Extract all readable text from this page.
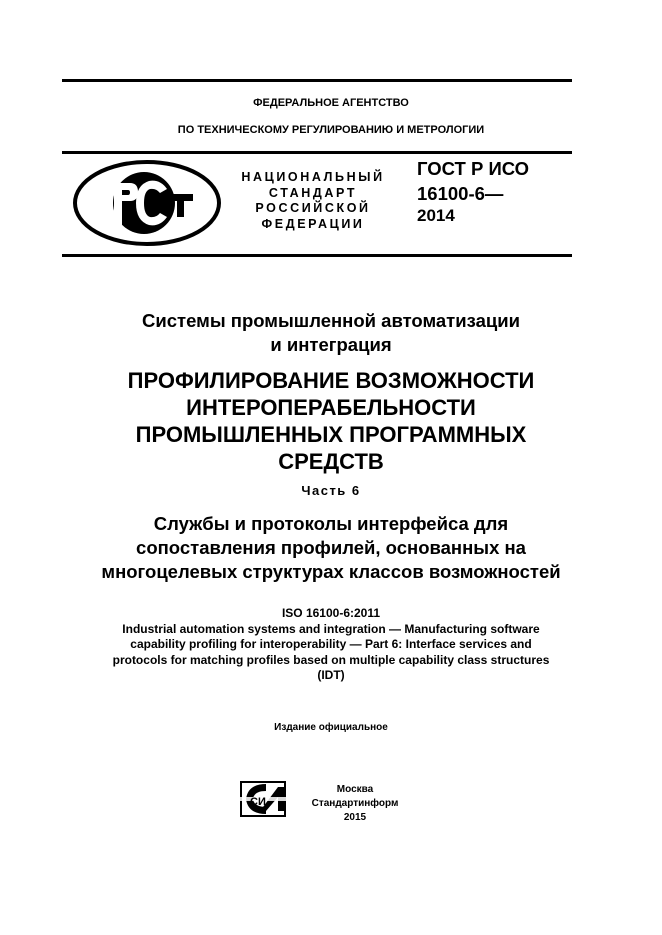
ФЕДЕРАЛЬНОЕ АГЕНТСТВО
ПО ТЕХНИЧЕСКОМУ РЕГУЛИРОВАНИЮ И МЕТРОЛОГИИ
НАЦИОНАЛЬНЫЙ
СТАНДАРТ
РОССИЙСКОЙ
ФЕДЕРАЦИИ
ГОСТ Р ИСО
16100-6—
2014
Системы промышленной автоматизации
и интеграция
ПРОФИЛИРОВАНИЕ ВОЗМОЖНОСТИ
ИНТЕРОПЕРАБЕЛЬНОСТИ
ПРОМЫШЛЕННЫХ ПРОГРАММНЫХ
СРЕДСТВ
Часть 6
Службы и протоколы интерфейса для
сопоставления профилей, основанных на
многоцелевых структурах классов возможностей
ISO 16100-6:2011
Industrial automation systems and integration — Manufacturing software
capability profiling for interoperability — Part 6: Interface services and
protocols for matching profiles based on multiple capability class structures
(IDT)
Издание официальное
СИ
Москва
Стандартинформ
2015
